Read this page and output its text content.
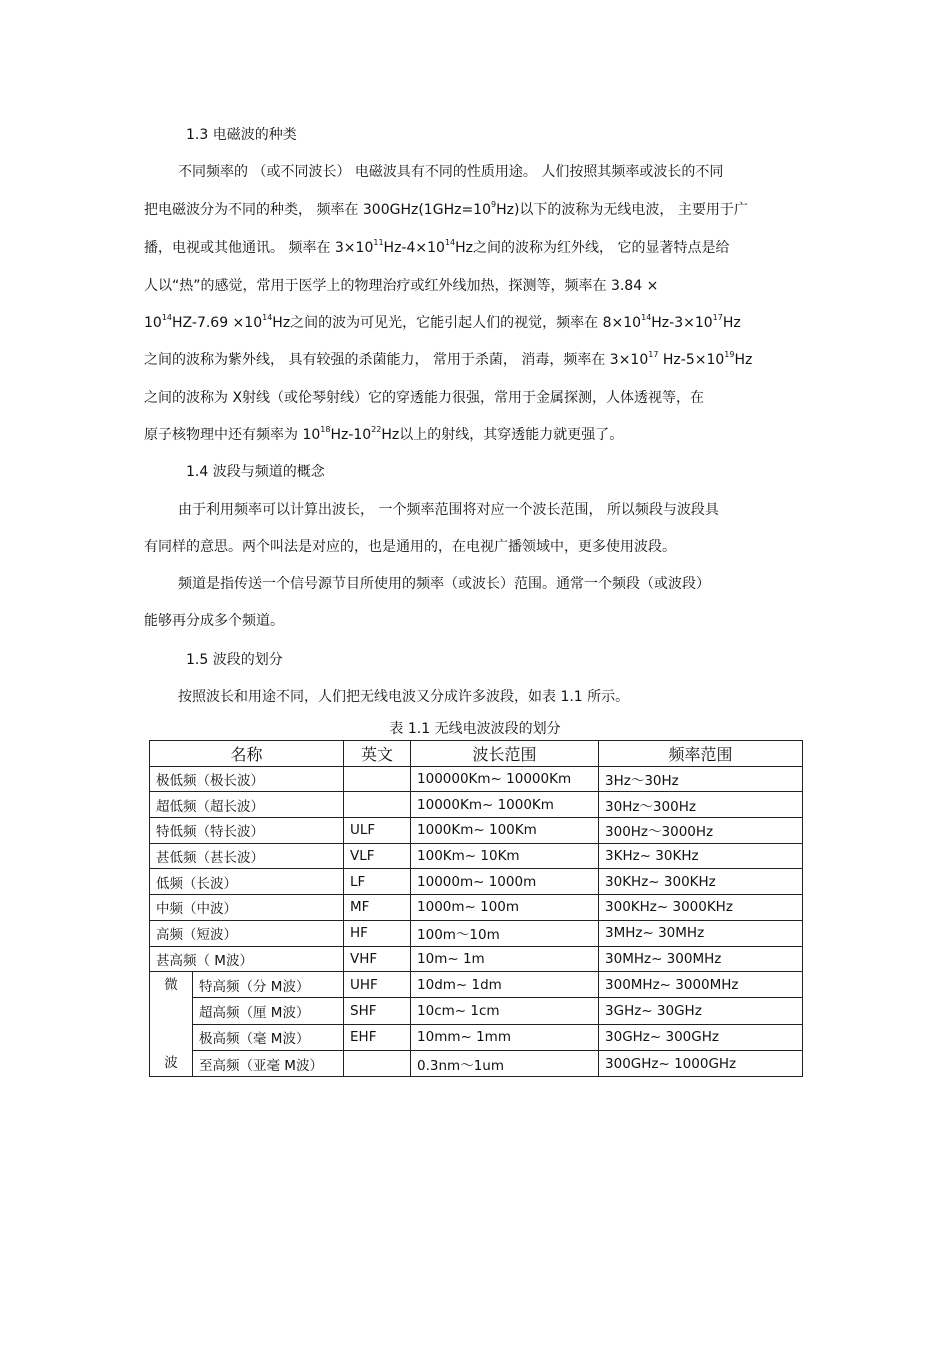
1.3 电磁波的种类
不同频率的 （或不同波长） 电磁波具有不同的性质用途。 人们按照其频率或波长的不同
把电磁波分为不同的种类， 频率在 $300GHz(1GHz=10^9Hz)$以下的波称为无线电波， 主要用于广
播，电视或其他通讯。 频率在 $3\times 10^{11}Hz-4\times 10^{14}Hz$之间的波称为红外线， 它的显著特点是给
人以“热”的感觉，常用于医学上的物理治疗或红外线加热，探测等，频率在 3.84 ×
$10^{14}HZ-7.69 \times 10^{14}Hz$之间的波为可见光，它能引起人们的视觉，频率在 $8\times 10^{14}Hz-3\times 10^{17}Hz$
之间的波称为紫外线， 具有较强的杀菌能力， 常用于杀菌， 消毒，频率在 $3\times 10^{17}$ $Hz-5\times 10^{19}Hz$
之间的波称为 X射线（或伦琴射线）它的穿透能力很强，常用于金属探测，人体透视等，在
原子核物理中还有频率为 $10^{18}Hz-10^{22}Hz$以上的射线，其穿透能力就更强了。
1.4 波段与频道的概念
由于利用频率可以计算出波长， 一个频率范围将对应一个波长范围， 所以频段与波段具
有同样的意思。两个叫法是对应的，也是通用的，在电视广播领域中，更多使用波段。
频道是指传送一个信号源节目所使用的频率（或波长）范围。通常一个频段（或波段）
能够再分成多个频道。
1.5 波段的划分
按照波长和用途不同，人们把无线电波又分成许多波段，如表 1.1 所示。
表 1.1 无线电波波段的划分
名称		英文	波长范围	频率范围
极低频（极长波）			100000Km~ 10000Km	3Hz～30Hz
超低频（超长波）			10000Km~ 1000Km	30Hz～300Hz
特低频（特长波）		ULF	1000Km~ 100Km	300Hz～3000Hz
甚低频（甚长波）		VLF	100Km~ 10Km	3KHz~ 30KHz
低频（长波）		LF	10000m~ 1000m	30KHz~ 300KHz
中频（中波）		MF	1000m~ 100m	300KHz~ 3000KHz
高频（短波）		HF	100m～10m	3MHz~ 30MHz
甚高频（ M波）		VHF	10m~ 1m	30MHz~ 300MHz

微

波	特高频（分 M波）	UHF	10dm~ 1dm	300MHz~ 3000MHz
	超高频（厘 M波）	SHF	10cm~ 1cm	3GHz~ 30GHz
	极高频（毫 M波）	EHF	10mm~ 1mm	30GHz~ 300GHz
	至高频（亚毫 M波）		0.3nm～1um	300GHz~ 1000GHz
